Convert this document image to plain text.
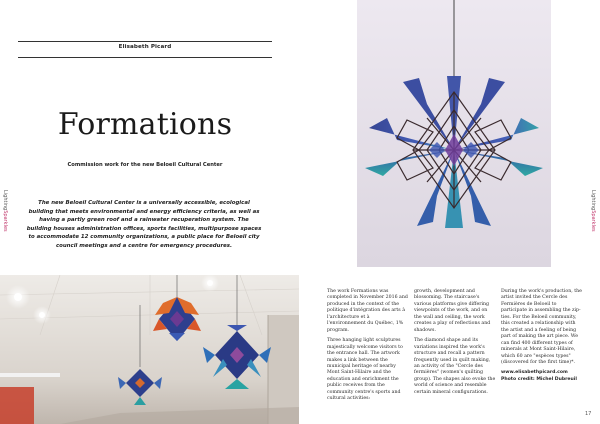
Elisabeth Picard
Formations
Commission work for the new Beloeil Cultural Center
The new Beloeil Cultural Center is a universally accessible, ecological building that meets environmental and energy efficiency criteria, as well as having a partly green roof and a rainwater recuperation system. The building houses administration offices, sports facilities, multipurpose spaces to accommodate 12 community organizations, a public place for Beloeil city council meetings and a centre for emergency procedures.
LightingSparkles
LightingSparkles

The work Formations was completed in November 2016 and produced in the context of the politique d'intégration des arts à l'architecture et à l'environnement du Québec, 1% program.

Three hanging light sculptures majestically welcome visitors to the entrance hall. The artwork makes a link between the municipal heritage of nearby Mont Saint-Hilaire and the education and enrichment the public receives from the community centre's sports and cultural activities:

growth, development and blossoming. The staircase's various platforms give differing viewpoints of the work, and on the wall and ceiling, the work creates a play of reflections and shadows.

The diamond shape and its variations inspired the work's structure and recall a pattern frequently used in quilt making, an activity of the "Cercle des fermières" (women's quilting group). The shapes also evoke the world of science and resemble certain mineral configurations.

During the work's production, the artist invited the Cercle des Fermières de Beloeil to participate in assembling the zip-ties. For the Beloeil community, this created a relationship with the artist and a feeling of being part of making the art piece. We can find 400 different types of minerals at Mont Saint-Hilaire, which 60 are "espèces types" (discovered for the first time)*.

www.elisabethpicard.com

Photo credit: Michel Dubreuil

17
